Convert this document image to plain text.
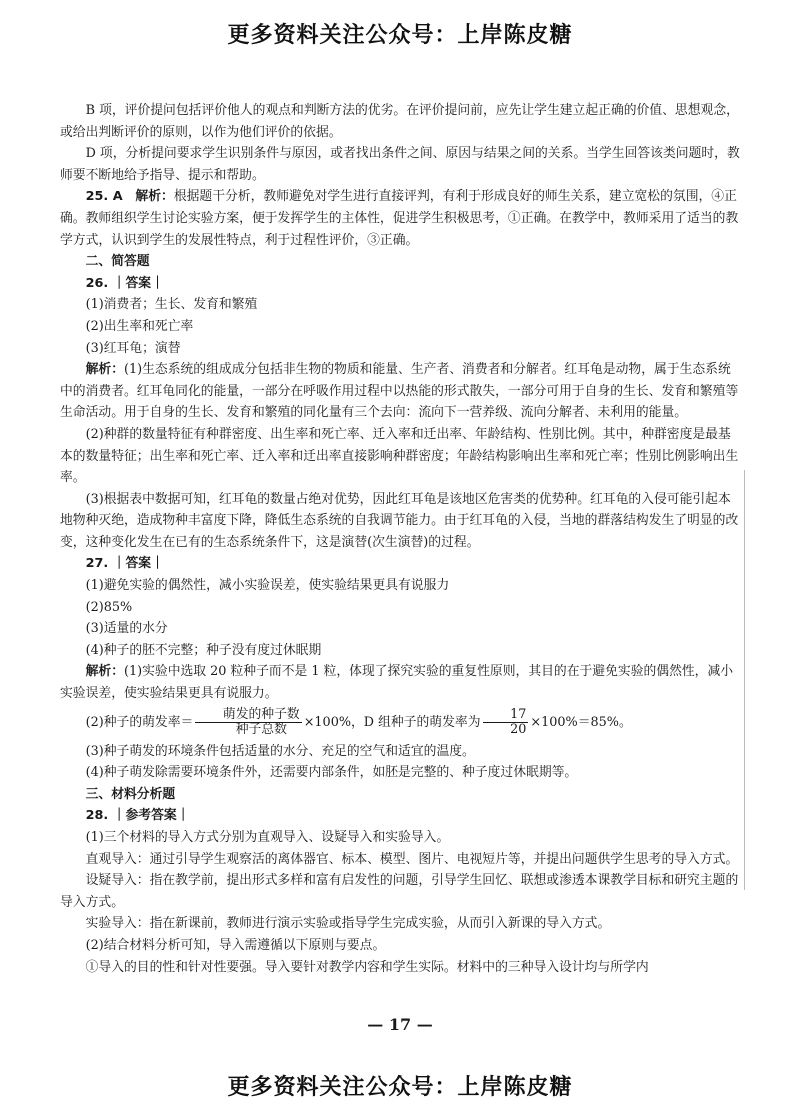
更多资料关注公众号：上岸陈皮糖

B 项，评价提问包括评价他人的观点和判断方法的优劣。在评价提问前，应先让学生建立起正确的价值、思想观念，或给出判断评价的原则，以作为他们评价的依据。

D 项，分析提问要求学生识别条件与原因，或者找出条件之间、原因与结果之间的关系。当学生回答该类问题时，教师要不断地给予指导、提示和帮助。

25. A　解析：根据题干分析，教师避免对学生进行直接评判，有利于形成良好的师生关系，建立宽松的氛围，④正确。教师组织学生讨论实验方案，便于发挥学生的主体性，促进学生积极思考，①正确。在教学中，教师采用了适当的教学方式，认识到学生的发展性特点，利于过程性评价，③正确。

二、简答题

26. ｜答案｜

(1)消费者；生长、发育和繁殖

(2)出生率和死亡率

(3)红耳龟；演替

解析：(1)生态系统的组成成分包括非生物的物质和能量、生产者、消费者和分解者。红耳龟是动物，属于生态系统中的消费者。红耳龟同化的能量，一部分在呼吸作用过程中以热能的形式散失，一部分可用于自身的生长、发育和繁殖等生命活动。用于自身的生长、发育和繁殖的同化量有三个去向：流向下一营养级、流向分解者、未利用的能量。

(2)种群的数量特征有种群密度、出生率和死亡率、迁入率和迁出率、年龄结构、性别比例。其中，种群密度是最基本的数量特征；出生率和死亡率、迁入率和迁出率直接影响种群密度；年龄结构影响出生率和死亡率；性别比例影响出生率。

(3)根据表中数据可知，红耳龟的数量占绝对优势，因此红耳龟是该地区危害类的优势种。红耳龟的入侵可能引起本地物种灭绝，造成物种丰富度下降，降低生态系统的自我调节能力。由于红耳龟的入侵，当地的群落结构发生了明显的改变，这种变化发生在已有的生态系统条件下，这是演替(次生演替)的过程。

27. ｜答案｜

(1)避免实验的偶然性，减小实验误差，使实验结果更具有说服力

(2)85%

(3)适量的水分

(4)种子的胚不完整；种子没有度过休眠期

解析：(1)实验中选取 20 粒种子而不是 1 粒，体现了探究实验的重复性原则，其目的在于避免实验的偶然性，减小实验误差，使实验结果更具有说服力。

(2)种子的萌发率＝ $\frac{\text{萌发的种子数}}{\text{种子总数}} \times 100\%$，D 组种子的萌发率为 $\frac{17}{20} \times 100\%=85\%$。

(3)种子萌发的环境条件包括适量的水分、充足的空气和适宜的温度。

(4)种子萌发除需要环境条件外，还需要内部条件，如胚是完整的、种子度过休眠期等。

三、材料分析题

28. ｜参考答案｜

(1)三个材料的导入方式分别为直观导入、设疑导入和实验导入。

直观导入：通过引导学生观察活的离体器官、标本、模型、图片、电视短片等，并提出问题供学生思考的导入方式。

设疑导入：指在教学前，提出形式多样和富有启发性的问题，引导学生回忆、联想或渗透本课教学目标和研究主题的导入方式。

实验导入：指在新课前，教师进行演示实验或指导学生完成实验，从而引入新课的导入方式。

(2)结合材料分析可知，导入需遵循以下原则与要点。

①导入的目的性和针对性要强。导入要针对教学内容和学生实际。材料中的三种导入设计均与所学内

— 17 —
更多资料关注公众号：上岸陈皮糖
